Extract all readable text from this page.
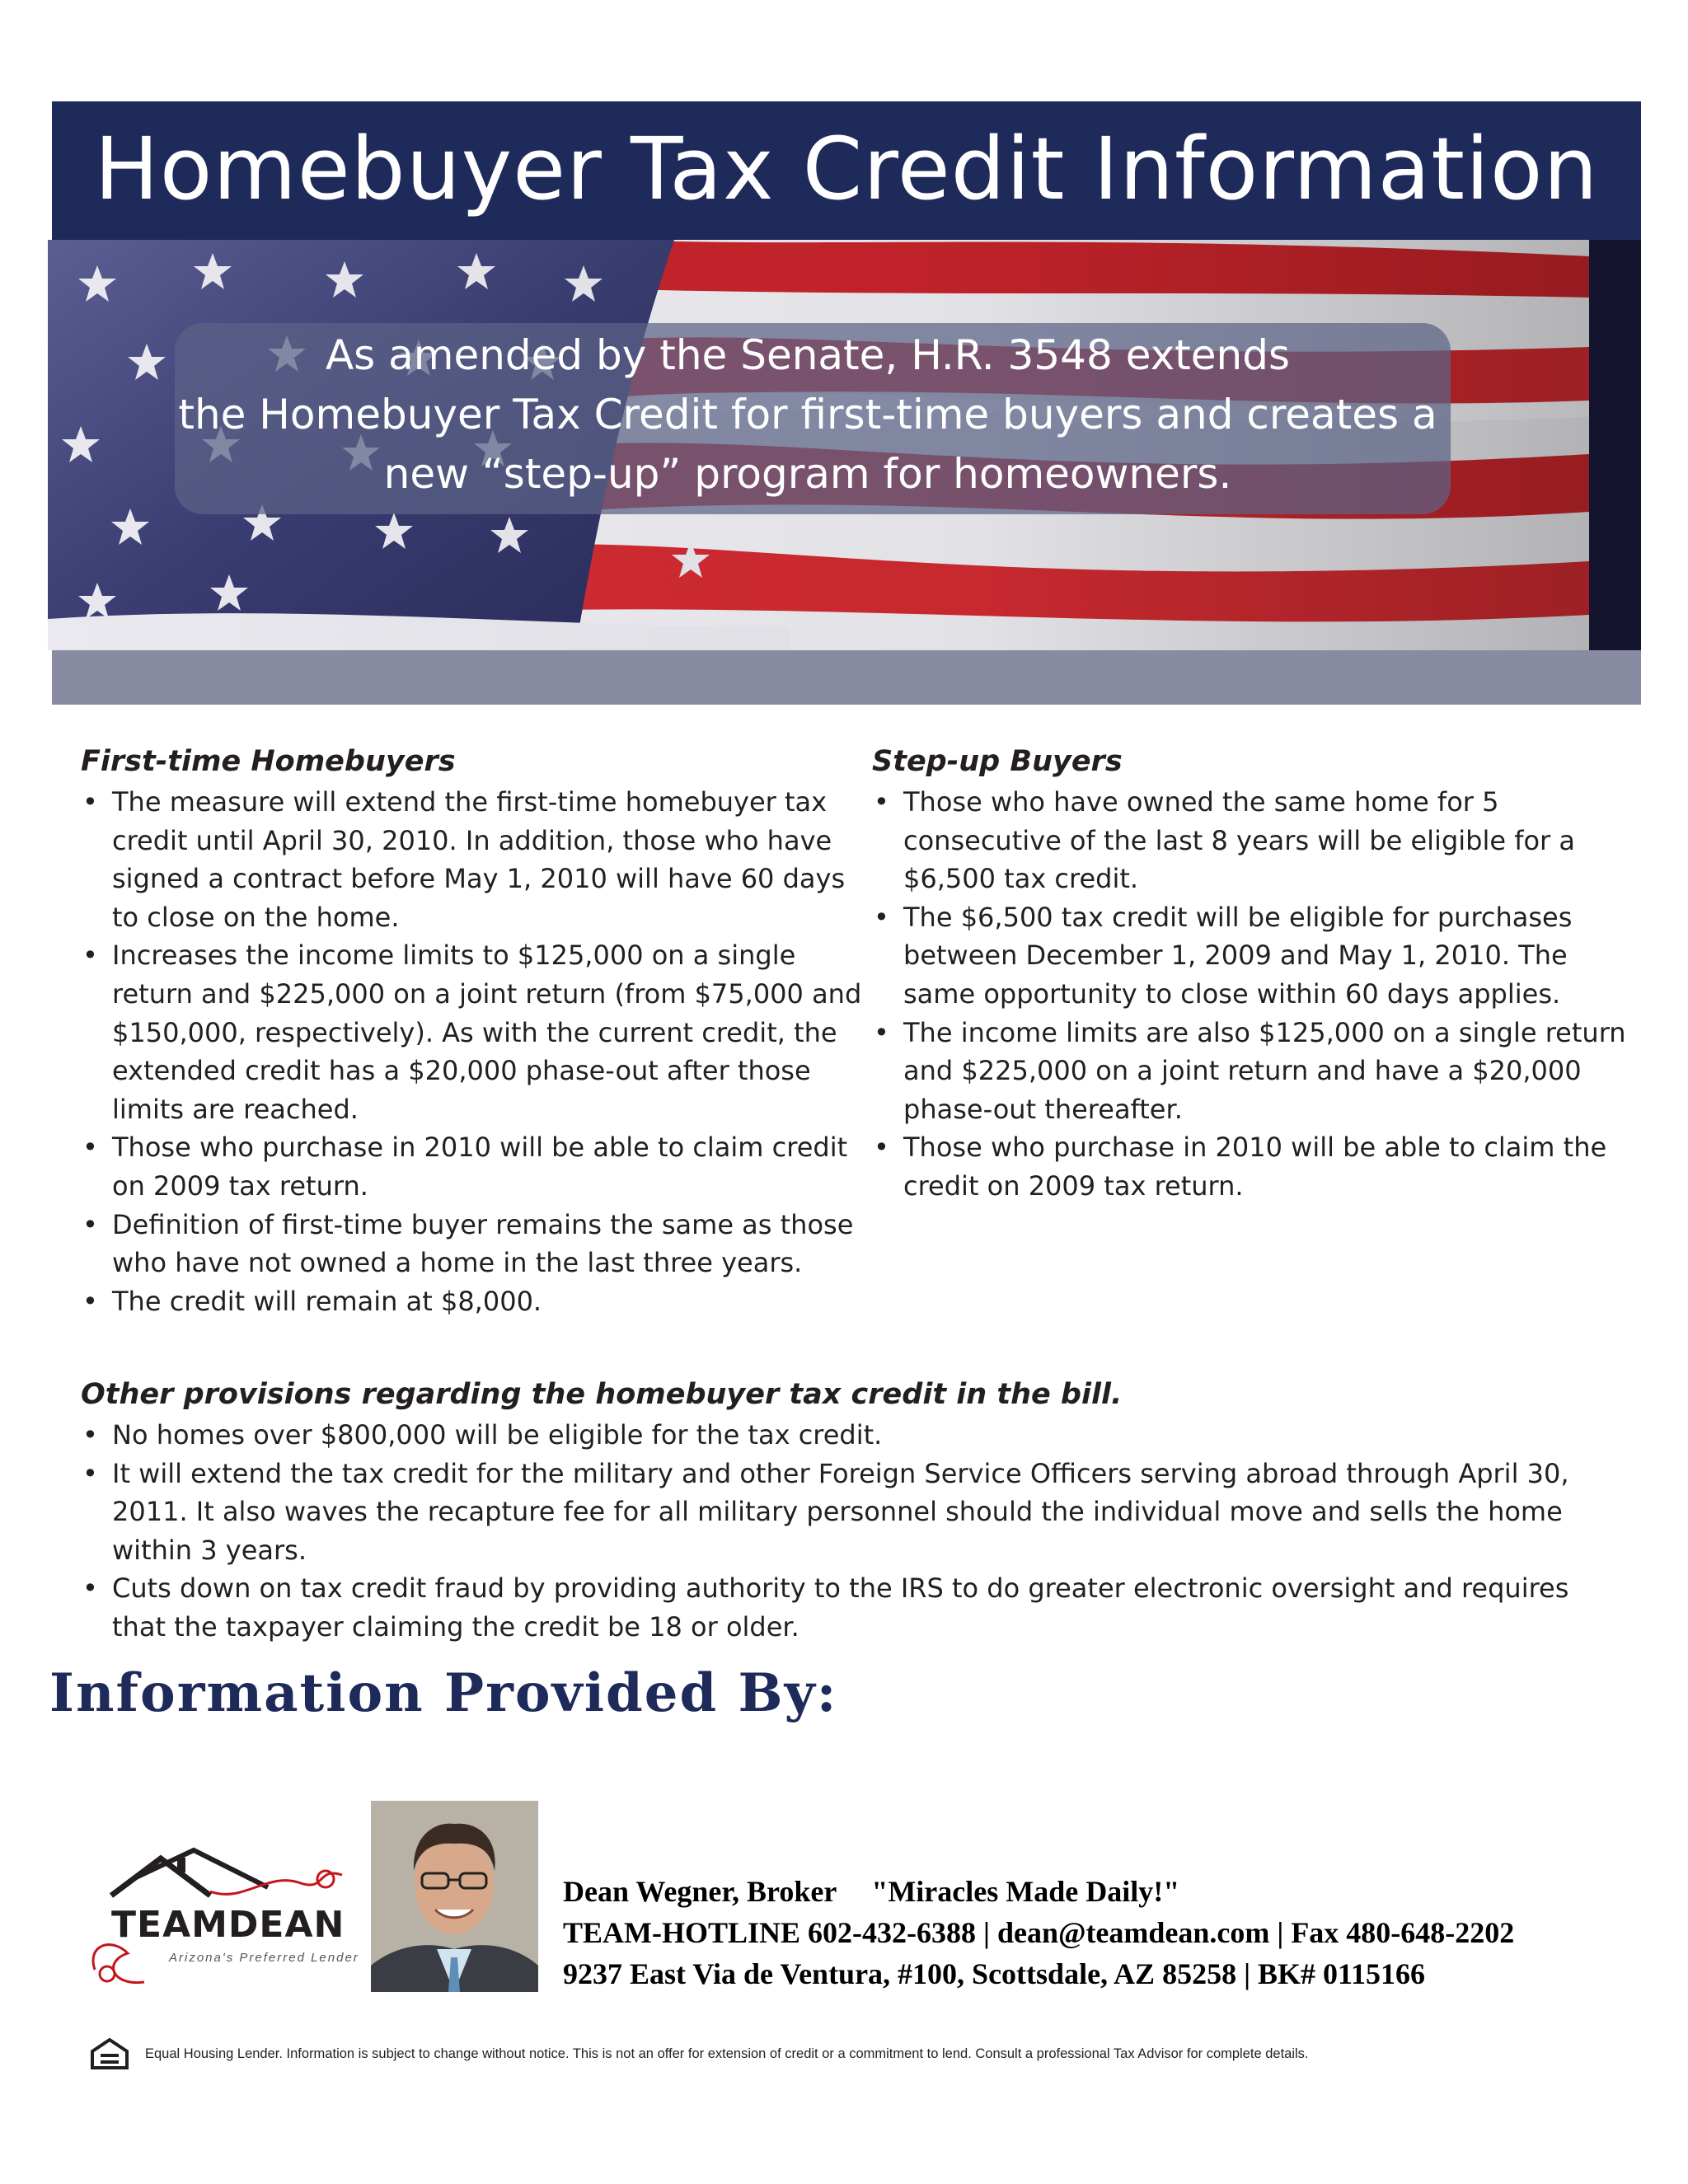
Homebuyer Tax Credit Information
As amended by the Senate, H.R. 3548 extends
the Homebuyer Tax Credit for first-time buyers and creates a
new “step-up” program for homeowners.
First-time Homebuyers
• The measure will extend the first-time homebuyer tax credit until April 30, 2010. In addition, those who have signed a contract before May 1, 2010 will have 60 days to close on the home.
• Increases the income limits to $125,000 on a single return and $225,000 on a joint return (from $75,000 and $150,000, respectively). As with the current credit, the extended credit has a $20,000 phase-out after those limits are reached.
• Those who purchase in 2010 will be able to claim credit on 2009 tax return.
• Definition of first-time buyer remains the same as those who have not owned a home in the last three years.
• The credit will remain at $8,000.
Step-up Buyers
• Those who have owned the same home for 5 consecutive of the last 8 years will be eligible for a $6,500 tax credit.
• The $6,500 tax credit will be eligible for purchases between December 1, 2009 and May 1, 2010. The same opportunity to close within 60 days applies.
• The income limits are also $125,000 on a single return and $225,000 on a joint return and have a $20,000 phase-out thereafter.
• Those who purchase in 2010 will be able to claim the credit on 2009 tax return.
Other provisions regarding the homebuyer tax credit in the bill.
• No homes over $800,000 will be eligible for the tax credit.
• It will extend the tax credit for the military and other Foreign Service Officers serving abroad through April 30, 2011. It also waves the recapture fee for all military personnel should the individual move and sells the home within 3 years.
• Cuts down on tax credit fraud by providing authority to the IRS to do greater electronic oversight and requires that the taxpayer claiming the credit be 18 or older.
Information Provided By:
TEAMDEAN
Arizona's Preferred Lender
Dean Wegner, Broker "Miracles Made Daily!"
TEAM-HOTLINE 602-432-6388 | dean@teamdean.com | Fax 480-648-2202
9237 East Via de Ventura, #100, Scottsdale, AZ 85258 | BK# 0115166
Equal Housing Lender. Information is subject to change without notice. This is not an offer for extension of credit or a commitment to lend. Consult a professional Tax Advisor for complete details.
